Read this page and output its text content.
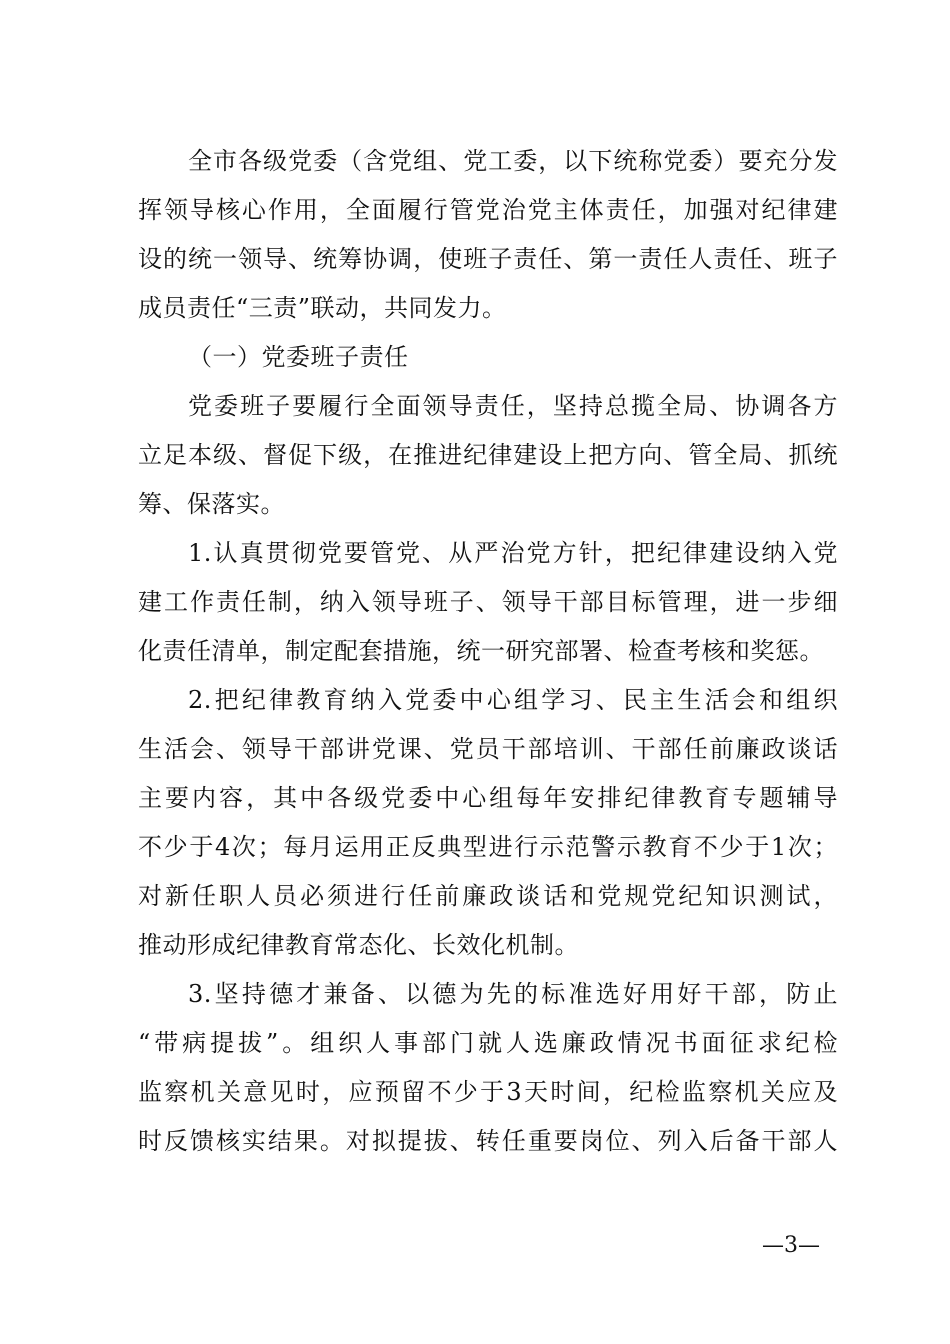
全市各级党委（含党组、党工委，以下统称党委）要充分发
挥领导核心作用，全面履行管党治党主体责任，加强对纪律建
设的统一领导、统筹协调，使班子责任、第一责任人责任、班子
成员责任“三责”联动，共同发力。
（一）党委班子责任
党委班子要履行全面领导责任，坚持总揽全局、协调各方
立足本级、督促下级，在推进纪律建设上把方向、管全局、抓统
筹、保落实。
1.认真贯彻党要管党、从严治党方针，把纪律建设纳入党
建工作责任制，纳入领导班子、领导干部目标管理，进一步细
化责任清单，制定配套措施，统一研究部署、检查考核和奖惩。
2.把纪律教育纳入党委中心组学习、民主生活会和组织
生活会、领导干部讲党课、党员干部培训、干部任前廉政谈话
主要内容，其中各级党委中心组每年安排纪律教育专题辅导
不少于4次；每月运用正反典型进行示范警示教育不少于1次；
对新任职人员必须进行任前廉政谈话和党规党纪知识测试，
推动形成纪律教育常态化、长效化机制。
3.坚持德才兼备、以德为先的标准选好用好干部，防止
“带病提拔”。组织人事部门就人选廉政情况书面征求纪检
监察机关意见时，应预留不少于3天时间，纪检监察机关应及
时反馈核实结果。对拟提拔、转任重要岗位、列入后备干部人
—3—
